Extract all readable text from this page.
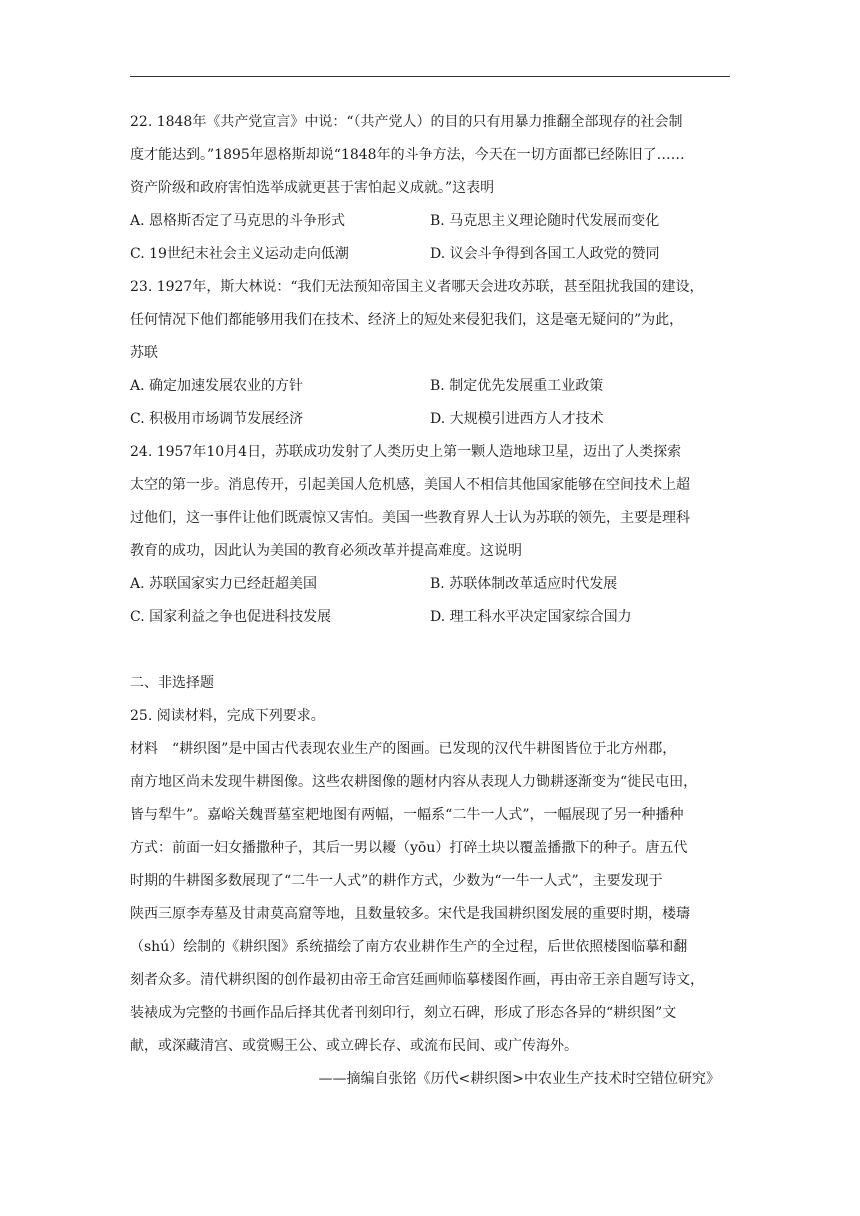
22. 1848年《共产党宣言》中说：“（共产党人）的目的只有用暴力推翻全部现存的社会制

度才能达到。”1895年恩格斯却说“1848年的斗争方法，今天在一切方面都已经陈旧了……

资产阶级和政府害怕选举成就更甚于害怕起义成就。”这表明

A. 恩格斯否定了马克思的斗争形式	B. 马克思主义理论随时代发展而变化
C. 19世纪末社会主义运动走向低潮	D. 议会斗争得到各国工人政党的赞同

23. 1927年，斯大林说：“我们无法预知帝国主义者哪天会进攻苏联，甚至阻扰我国的建设，

任何情况下他们都能够用我们在技术、经济上的短处来侵犯我们，这是毫无疑问的”为此，

苏联

A. 确定加速发展农业的方针	B. 制定优先发展重工业政策
C. 积极用市场调节发展经济	D. 大规模引进西方人才技术

24. 1957年10月4日，苏联成功发射了人类历史上第一颗人造地球卫星，迈出了人类探索

太空的第一步。消息传开，引起美国人危机感，美国人不相信其他国家能够在空间技术上超

过他们，这一事件让他们既震惊又害怕。美国一些教育界人士认为苏联的领先，主要是理科

教育的成功，因此认为美国的教育必须改革并提高难度。这说明

A. 苏联国家实力已经赶超美国	B. 苏联体制改革适应时代发展
C. 国家利益之争也促进科技发展	D. 理工科水平决定国家综合国力
二、非选择题

25. 阅读材料，完成下列要求。

材料　“耕织图”是中国古代表现农业生产的图画。已发现的汉代牛耕图皆位于北方州郡，

南方地区尚未发现牛耕图像。这些农耕图像的题材内容从表现人力锄耕逐渐变为“徙民屯田，

皆与犁牛”。嘉峪关魏晋墓室耙地图有两幅，一幅系“二牛一人式”，一幅展现了另一种播种

方式：前面一妇女播撒种子，其后一男以耰（yōu）打碎土块以覆盖播撒下的种子。唐五代

时期的牛耕图多数展现了“二牛一人式”的耕作方式，少数为“一牛一人式”，主要发现于

陕西三原李寿墓及甘肃莫高窟等地，且数量较多。宋代是我国耕织图发展的重要时期，楼璹

（shú）绘制的《耕织图》系统描绘了南方农业耕作生产的全过程，后世依照楼图临摹和翻

刻者众多。清代耕织图的创作最初由帝王命宫廷画师临摹楼图作画，再由帝王亲自题写诗文，

装裱成为完整的书画作品后择其优者刊刻印行，刻立石碑，形成了形态各异的“耕织图”文

献，或深藏清宫、或赏赐王公、或立碑长存、或流布民间、或广传海外。

——摘编自张铭《历代<耕织图>中农业生产技术时空错位研究》
